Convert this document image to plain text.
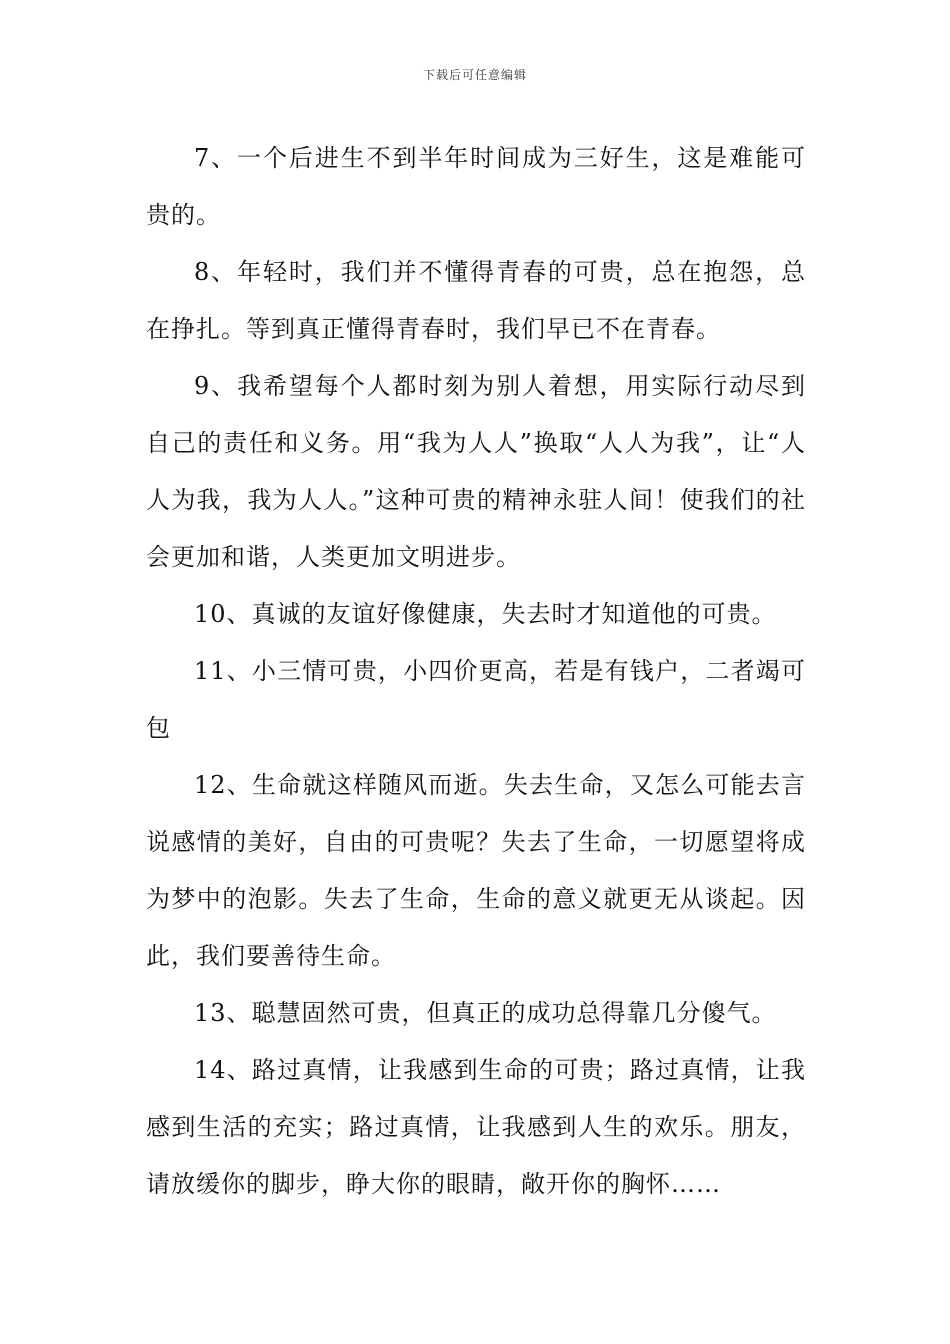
下载后可任意编辑

7、一个后进生不到半年时间成为三好生，这是难能可贵的。

8、年轻时，我们并不懂得青春的可贵，总在抱怨，总在挣扎。等到真正懂得青春时，我们早已不在青春。

9、我希望每个人都时刻为别人着想，用实际行动尽到自己的责任和义务。用“我为人人”换取“人人为我”，让“人人为我，我为人人。”这种可贵的精神永驻人间！使我们的社会更加和谐，人类更加文明进步。

10、真诚的友谊好像健康，失去时才知道他的可贵。

11、小三情可贵，小四价更高，若是有钱户，二者竭可包

12、生命就这样随风而逝。失去生命，又怎么可能去言说感情的美好，自由的可贵呢？失去了生命，一切愿望将成为梦中的泡影。失去了生命，生命的意义就更无从谈起。因此，我们要善待生命。

13、聪慧固然可贵，但真正的成功总得靠几分傻气。

14、路过真情，让我感到生命的可贵；路过真情，让我感到生活的充实；路过真情，让我感到人生的欢乐。朋友，请放缓你的脚步，睁大你的眼睛，敞开你的胸怀……
